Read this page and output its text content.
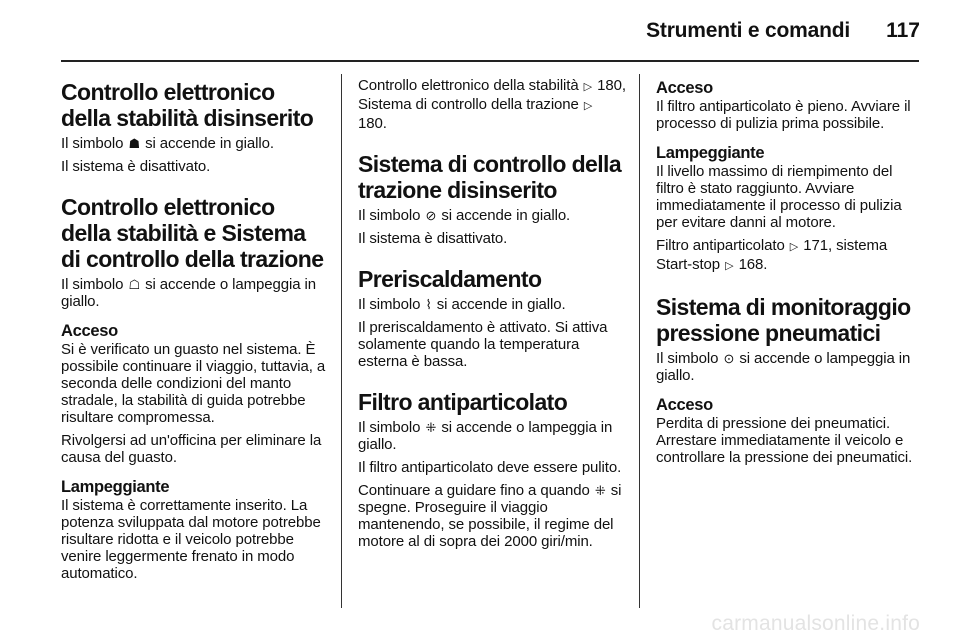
Strumenti e comandi	117
Controllo elettronico della stabilità disinserito

Il simbolo ☗ si accende in giallo.

Il sistema è disattivato.

Controllo elettronico della stabilità e Sistema di controllo della trazione

Il simbolo ☖ si accende o lampeggia in giallo.

Acceso

Si è verificato un guasto nel sistema. È possibile continuare il viaggio, tuttavia, a seconda delle condizioni del manto stradale, la stabilità di guida potrebbe risultare compromessa.

Rivolgersi ad un'officina per eliminare la causa del guasto.

Lampeggiante

Il sistema è correttamente inserito. La potenza sviluppata dal motore potrebbe risultare ridotta e il veicolo potrebbe venire leggermente frenato in modo automatico.

Controllo elettronico della stabilità ▷ 180, Sistema di controllo della trazione ▷ 180.

Sistema di controllo della trazione disinserito

Il simbolo ⊘ si accende in giallo.

Il sistema è disattivato.

Preriscaldamento

Il simbolo ⌇ si accende in giallo.

Il preriscaldamento è attivato. Si attiva solamente quando la temperatura esterna è bassa.

Filtro antiparticolato

Il simbolo ⁜ si accende o lampeggia in giallo.

Il filtro antiparticolato deve essere pulito.

Continuare a guidare fino a quando ⁜ si spegne. Proseguire il viaggio mantenendo, se possibile, il regime del motore al di sopra dei 2000 giri/min.

Acceso

Il filtro antiparticolato è pieno. Avviare il processo di pulizia prima possibile.

Lampeggiante

Il livello massimo di riempimento del filtro è stato raggiunto. Avviare immediatamente il processo di pulizia per evitare danni al motore.

Filtro antiparticolato ▷ 171, sistema Start-stop ▷ 168.

Sistema di monitoraggio pressione pneumatici

Il simbolo ⊙ si accende o lampeggia in giallo.

Acceso

Perdita di pressione dei pneumatici. Arrestare immediatamente il veicolo e controllare la pressione dei pneumatici.

carmanualsonline.info
